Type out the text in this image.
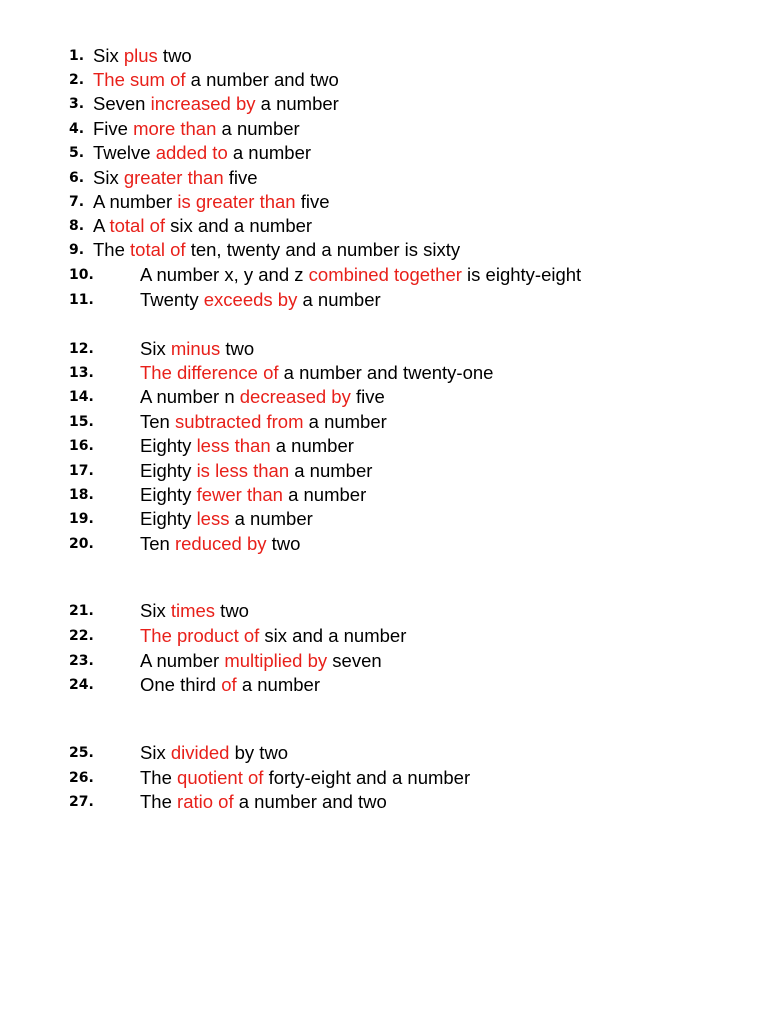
1. Six plus two
2. The sum of a number and two
3. Seven increased by a number
4. Five more than a number
5. Twelve added to a number
6. Six greater than five
7. A number is greater than five
8. A total of six and a number
9. The total of ten, twenty and a number is sixty
10. A number x, y and z combined together is eighty-eight
11. Twenty exceeds by a number
12. Six minus two
13. The difference of a number and twenty-one
14. A number n decreased by five
15. Ten subtracted from a number
16. Eighty less than a number
17. Eighty is less than a number
18. Eighty fewer than a number
19. Eighty less a number
20. Ten reduced by two
21. Six times two
22. The product of six and a number
23. A number multiplied by seven
24. One third of a number
25. Six divided by two
26. The quotient of forty-eight and a number
27. The ratio of a number and two
